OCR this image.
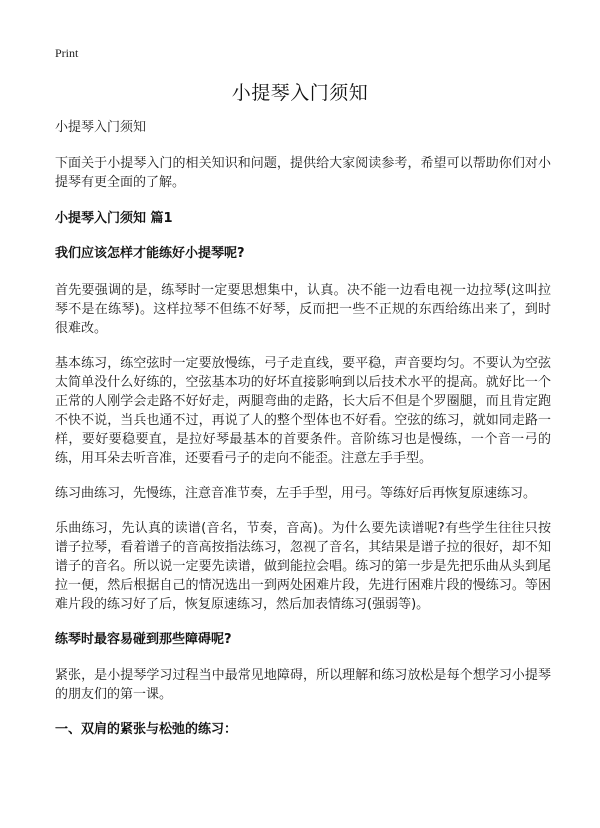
Print
小提琴入门须知

小提琴入门须知

下面关于小提琴入门的相关知识和问题，提供给大家阅读参考，希望可以帮助你们对小提琴有更全面的了解。

小提琴入门须知 篇1

我们应该怎样才能练好小提琴呢?

首先要强调的是，练琴时一定要思想集中，认真。决不能一边看电视一边拉琴(这叫拉琴不是在练琴)。这样拉琴不但练不好琴，反而把一些不正规的东西给练出来了，到时很难改。

基本练习，练空弦时一定要放慢练，弓子走直线，要平稳，声音要均匀。不要认为空弦太简单没什么好练的，空弦基本功的好坏直接影响到以后技术水平的提高。就好比一个正常的人刚学会走路不好好走，两腿弯曲的走路，长大后不但是个罗圈腿，而且肯定跑不快不说，当兵也通不过，再说了人的整个型体也不好看。空弦的练习，就如同走路一样，要好要稳要直，是拉好琴最基本的首要条件。音阶练习也是慢练，一个音一弓的练，用耳朵去听音准，还要看弓子的走向不能歪。注意左手手型。

练习曲练习，先慢练，注意音准节奏，左手手型，用弓。等练好后再恢复原速练习。

乐曲练习，先认真的读谱(音名，节奏，音高)。为什么要先读谱呢?有些学生往往只按谱子拉琴，看着谱子的音高按指法练习，忽视了音名，其结果是谱子拉的很好，却不知谱子的音名。所以说一定要先读谱，做到能拉会唱。练习的第一步是先把乐曲从头到尾拉一便，然后根据自己的情况选出一到两处困难片段，先进行困难片段的慢练习。等困难片段的练习好了后，恢复原速练习，然后加表情练习(强弱等)。

练琴时最容易碰到那些障碍呢?

紧张，是小提琴学习过程当中最常见地障碍，所以理解和练习放松是每个想学习小提琴的朋友们的第一课。

一、双肩的紧张与松弛的练习：
